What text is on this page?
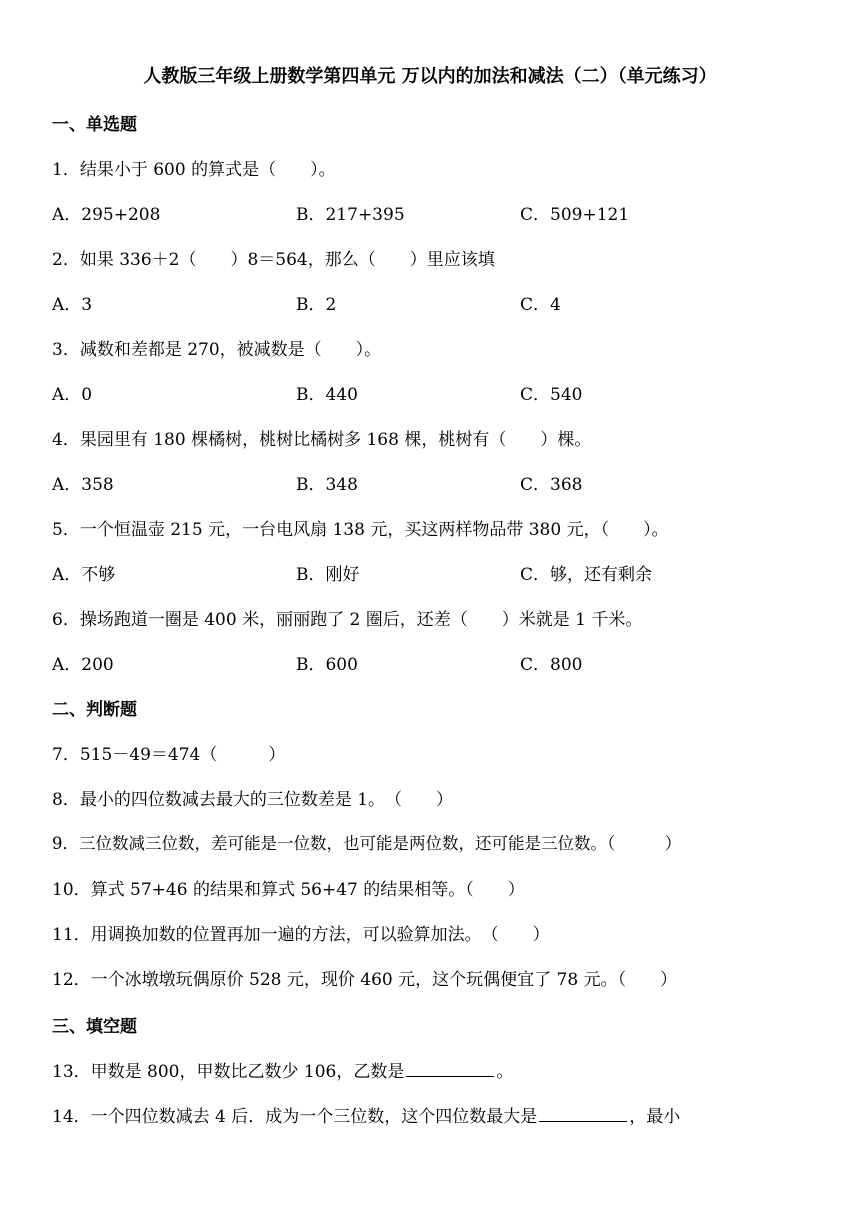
人教版三年级上册数学第四单元 万以内的加法和减法（二）（单元练习）
一、单选题
1．结果小于 600 的算式是（　　）。
A．295+208	B．217+395	C．509+121
2．如果 336＋2（　　）8＝564，那么（　　）里应该填
A．3	B．2	C．4
3．减数和差都是 270，被减数是（　　）。
A．0	B．440	C．540
4．果园里有 180 棵橘树，桃树比橘树多 168 棵，桃树有（　　）棵。
A．358	B．348	C．368
5．一个恒温壶 215 元，一台电风扇 138 元，买这两样物品带 380 元，（　　）。
A．不够	B．刚好	C．够，还有剩余
6．操场跑道一圈是 400 米，丽丽跑了 2 圈后，还差（　　）米就是 1 千米。
A．200	B．600	C．800
二、判断题
7．515－49＝474（　　　）
8．最小的四位数减去最大的三位数差是 1。　（　　）
9．三位数减三位数，差可能是一位数，也可能是两位数，还可能是三位数。（　　　）
10．算式 57+46 的结果和算式 56+47 的结果相等。（　　）
11．用调换加数的位置再加一遍的方法，可以验算加法。　（　　）
12．一个冰墩墩玩偶原价 528 元，现价 460 元，这个玩偶便宜了 78 元。（　　）
三、填空题
13．甲数是 800，甲数比乙数少 106，乙数是	。
14．一个四位数减去 4 后．成为一个三位数，这个四位数最大是	，最小
